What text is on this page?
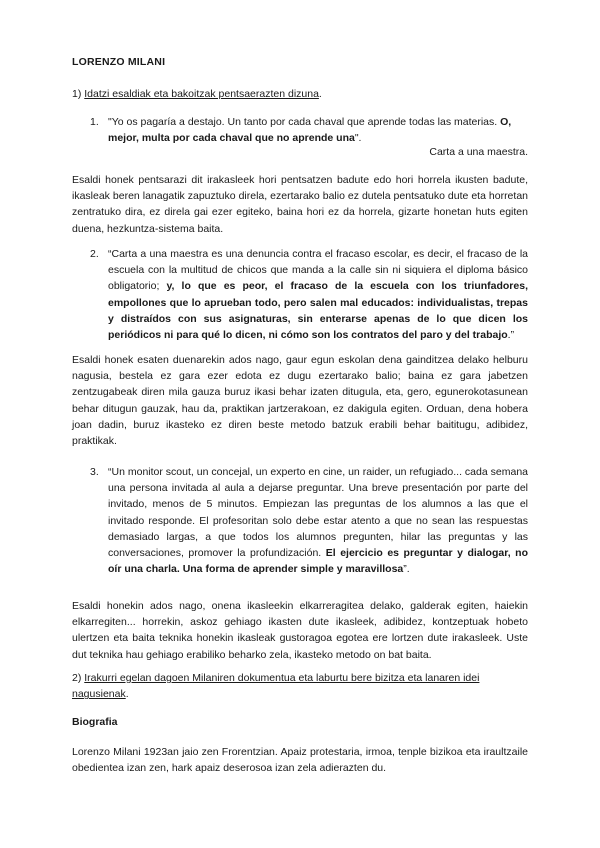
LORENZO MILANI
1) Idatzi esaldiak eta bakoitzak pentsaerazten dizuna.
1. "Yo os pagaría a destajo. Un tanto por cada chaval que aprende todas las materias. O, mejor, multa por cada chaval que no aprende una".
Carta a una maestra.
Esaldi honek pentsarazi dit irakasleek hori pentsatzen badute edo hori horrela ikusten badute, ikasleak beren lanagatik zapuztuko direla, ezertarako balio ez dutela pentsatuko dute eta horretan zentratuko dira, ez direla gai ezer egiteko, baina hori ez da horrela, gizarte honetan huts egiten duena, hezkuntza-sistema baita.
2. “Carta a una maestra es una denuncia contra el fracaso escolar, es decir, el fracaso de la escuela con la multitud de chicos que manda a la calle sin ni siquiera el diploma básico obligatorio; y, lo que es peor, el fracaso de la escuela con los triunfadores, empollones que lo aprueban todo, pero salen mal educados: individualistas, trepas y distraídos con sus asignaturas, sin enterarse apenas de lo que dicen los periódicos ni para qué lo dicen, ni cómo son los contratos del paro y del trabajo.”
Esaldi honek esaten duenarekin ados nago, gaur egun eskolan dena gainditzea delako helburu nagusia, bestela ez gara ezer edota ez dugu ezertarako balio; baina ez gara jabetzen zentzugabeak diren mila gauza buruz ikasi behar izaten ditugula, eta, gero, egunerokotasunean behar ditugun gauzak, hau da, praktikan jartzerakoan, ez dakigula egiten. Orduan, dena hobera joan dadin, buruz ikasteko ez diren beste metodo batzuk erabili behar baititugu, adibidez, praktikak.
3. “Un monitor scout, un concejal, un experto en cine, un raider, un refugiado... cada semana una persona invitada al aula a dejarse preguntar. Una breve presentación por parte del invitado, menos de 5 minutos. Empiezan las preguntas de los alumnos a las que el invitado responde. El profesoritan solo debe estar atento a que no sean las respuestas demasiado largas, a que todos los alumnos pregunten, hilar las preguntas y las conversaciones, promover la profundización. El ejercicio es preguntar y dialogar, no oír una charla. Una forma de aprender simple y maravillosa”.
Esaldi honekin ados nago, onena ikasleekin elkarreragitea delako, galderak egiten, haiekin elkarregiten... horrekin, askoz gehiago ikasten dute ikasleek, adibidez, kontzeptuak hobeto ulertzen eta baita teknika honekin ikasleak gustoragoa egotea ere lortzen dute irakasleek. Uste dut teknika hau gehiago erabiliko beharko zela, ikasteko metodo on bat baita.
2) Irakurri egelan dagoen Milaniren dokumentua eta laburtu bere bizitza eta lanaren idei nagusienak.
Biografia
Lorenzo Milani 1923an jaio zen Frorentzian. Apaiz protestaria, irmoa, tenple bizikoa eta iraultzaile obedientea izan zen, hark apaiz deserosoa izan zela adierazten du.
